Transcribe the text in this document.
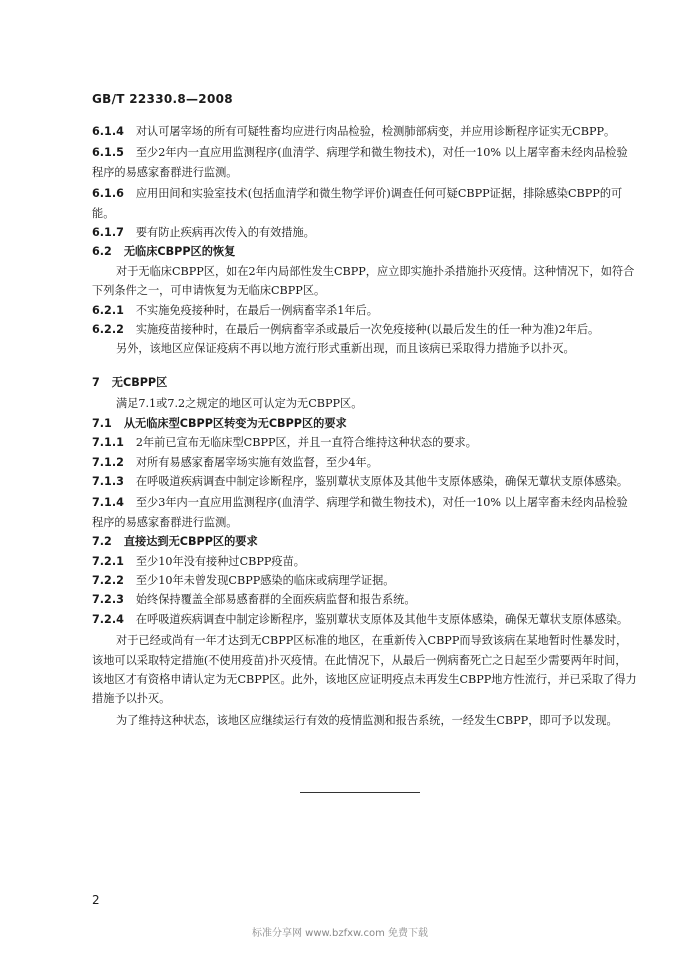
GB/T 22330.8—2008

6.1.4 对认可屠宰场的所有可疑牲畜均应进行肉品检验，检测肺部病变，并应用诊断程序证实无CBPP。

6.1.5 至少2年内一直应用监测程序(血清学、病理学和微生物技术)，对任一10% 以上屠宰畜未经肉品检验程序的易感家畜群进行监测。

6.1.6 应用田间和实验室技术(包括血清学和微生物学评价)调查任何可疑CBPP证据，排除感染CBPP的可能。

6.1.7 要有防止疾病再次传入的有效措施。

6.2 无临床CBPP区的恢复

对于无临床CBPP区，如在2年内局部性发生CBPP，应立即实施扑杀措施扑灭疫情。这种情况下，如符合下列条件之一，可申请恢复为无临床CBPP区。

6.2.1 不实施免疫接种时，在最后一例病畜宰杀1年后。

6.2.2 实施疫苗接种时，在最后一例病畜宰杀或最后一次免疫接种(以最后发生的任一种为准)2年后。

另外，该地区应保证疫病不再以地方流行形式重新出现，而且该病已采取得力措施予以扑灭。

7 无CBPP区

满足7.1或7.2之规定的地区可认定为无CBPP区。

7.1 从无临床型CBPP区转变为无CBPP区的要求

7.1.1 2年前已宣布无临床型CBPP区，并且一直符合维持这种状态的要求。

7.1.2 对所有易感家畜屠宰场实施有效监督，至少4年。

7.1.3 在呼吸道疾病调查中制定诊断程序，鉴别蕈状支原体及其他牛支原体感染，确保无蕈状支原体感染。

7.1.4 至少3年内一直应用监测程序(血清学、病理学和微生物技术)，对任一10% 以上屠宰畜未经肉品检验程序的易感家畜群进行监测。

7.2 直接达到无CBPP区的要求

7.2.1 至少10年没有接种过CBPP疫苗。

7.2.2 至少10年未曾发现CBPP感染的临床或病理学证据。

7.2.3 始终保持覆盖全部易感畜群的全面疾病监督和报告系统。

7.2.4 在呼吸道疾病调查中制定诊断程序，鉴别蕈状支原体及其他牛支原体感染，确保无蕈状支原体感染。

对于已经或尚有一年才达到无CBPP区标准的地区，在重新传入CBPP而导致该病在某地暂时性暴发时，该地可以采取特定措施(不使用疫苗)扑灭疫情。在此情况下，从最后一例病畜死亡之日起至少需要两年时间，该地区才有资格申请认定为无CBPP区。此外，该地区应证明疫点未再发生CBPP地方性流行，并已采取了得力措施予以扑灭。

为了维持这种状态，该地区应继续运行有效的疫情监测和报告系统，一经发生CBPP，即可予以发现。

2
标准分享网 www.bzfxw.com 免费下载
